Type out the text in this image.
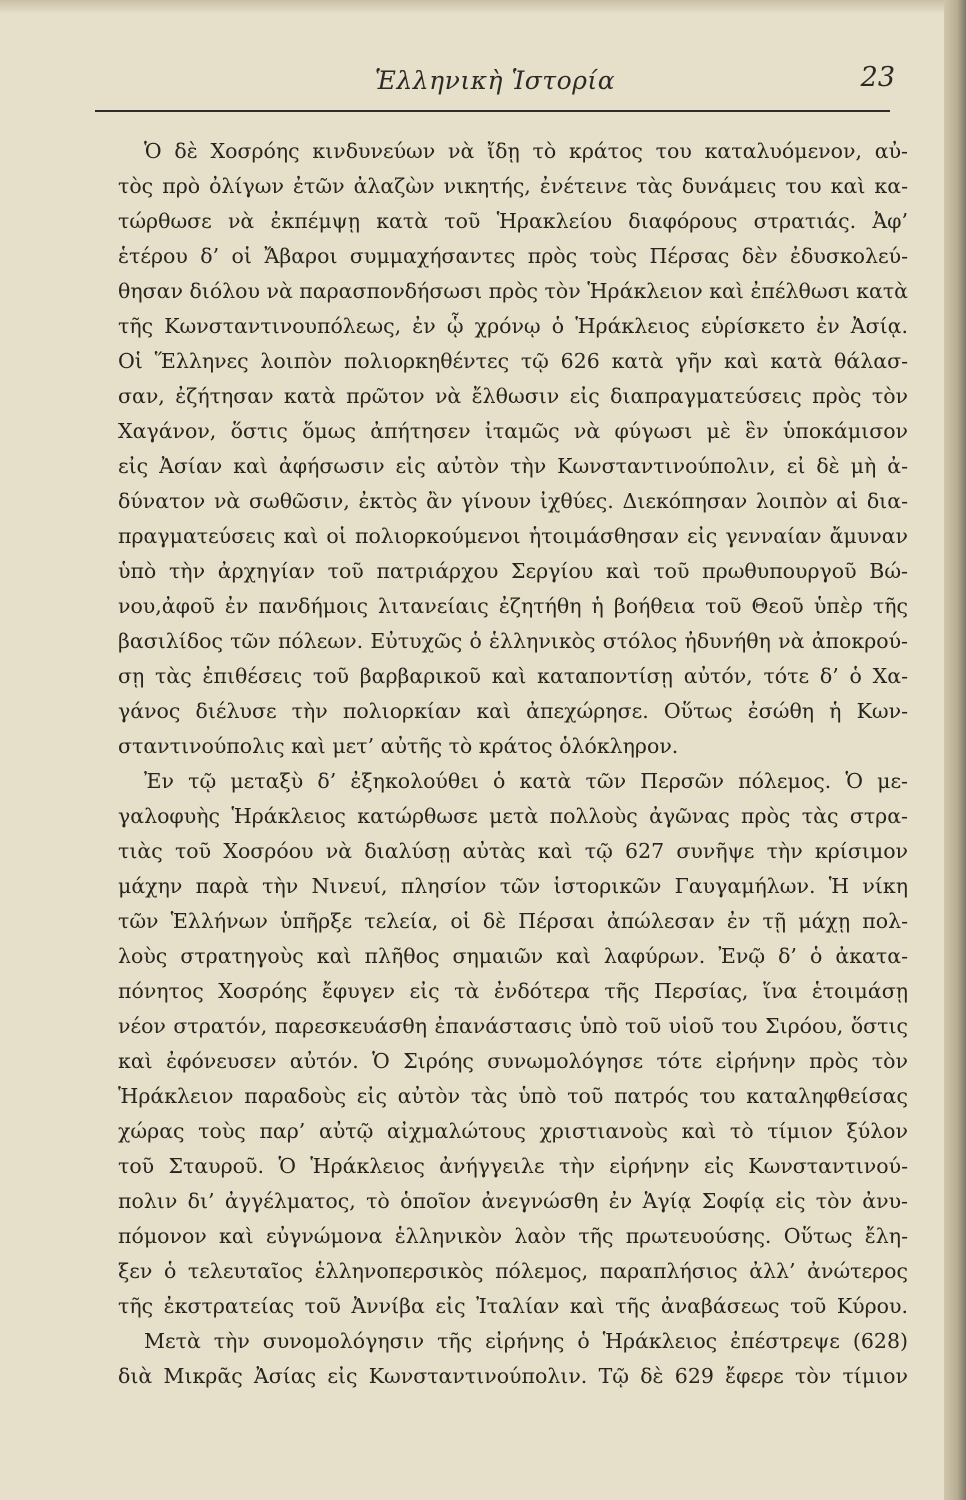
Ἑλληνικὴ Ἱστορία	23
Ὁ δὲ Χοσρόης κινδυνεύων νὰ ἴδῃ τὸ κράτος του καταλυόμενον, αὐ-
τὸς πρὸ ὀλίγων ἐτῶν ἀλαζὼν νικητής, ἐνέτεινε τὰς δυνάμεις του καὶ κα-
τώρθωσε νὰ ἐκπέμψῃ κατὰ τοῦ Ἡρακλείου διαφόρους στρατιάς. Ἀφ’
ἑτέρου δ’ οἱ Ἄβαροι συμμαχήσαντες πρὸς τοὺς Πέρσας δὲν ἐδυσκολεύ-
θησαν διόλου νὰ παρασπονδήσωσι πρὸς τὸν Ἡράκλειον καὶ ἐπέλθωσι κατὰ
τῆς Κωνσταντινουπόλεως, ἐν ᾧ χρόνῳ ὁ Ἡράκλειος εὑρίσκετο ἐν Ἀσίᾳ.
Οἱ Ἕλληνες λοιπὸν πολιορκηθέντες τῷ 626 κατὰ γῆν καὶ κατὰ θάλασ-
σαν, ἐζήτησαν κατὰ πρῶτον νὰ ἔλθωσιν εἰς διαπραγματεύσεις πρὸς τὸν
Χαγάνον, ὅστις ὅμως ἀπήτησεν ἰταμῶς νὰ φύγωσι μὲ ἓν ὑποκάμισον
εἰς Ἀσίαν καὶ ἀφήσωσιν εἰς αὐτὸν τὴν Κωνσταντινούπολιν, εἰ δὲ μὴ ἀ-
δύνατον νὰ σωθῶσιν, ἐκτὸς ἂν γίνουν ἰχθύες. Διεκόπησαν λοιπὸν αἱ δια-
πραγματεύσεις καὶ οἱ πολιορκούμενοι ἡτοιμάσθησαν εἰς γενναίαν ἄμυναν
ὑπὸ τὴν ἀρχηγίαν τοῦ πατριάρχου Σεργίου καὶ τοῦ πρωθυπουργοῦ Βώ-
νου,ἀφοῦ ἐν πανδήμοις λιτανείαις ἐζητήθη ἡ βοήθεια τοῦ Θεοῦ ὑπὲρ τῆς
βασιλίδος τῶν πόλεων. Εὐτυχῶς ὁ ἑλληνικὸς στόλος ἠδυνήθη νὰ ἀποκρού-
σῃ τὰς ἐπιθέσεις τοῦ βαρβαρικοῦ καὶ καταποντίσῃ αὐτόν, τότε δ’ ὁ Χα-
γάνος διέλυσε τὴν πολιορκίαν καὶ ἀπεχώρησε. Οὕτως ἐσώθη ἡ Κων-
σταντινούπολις καὶ μετ’ αὐτῆς τὸ κράτος ὁλόκληρον.
Ἐν τῷ μεταξὺ δ’ ἐξηκολούθει ὁ κατὰ τῶν Περσῶν πόλεμος. Ὁ με-
γαλοφυὴς Ἡράκλειος κατώρθωσε μετὰ πολλοὺς ἀγῶνας πρὸς τὰς στρα-
τιὰς τοῦ Χοσρόου νὰ διαλύσῃ αὐτὰς καὶ τῷ 627 συνῆψε τὴν κρίσιμον
μάχην παρὰ τὴν Νινευί, πλησίον τῶν ἱστορικῶν Γαυγαμήλων. Ἡ νίκη
τῶν Ἑλλήνων ὑπῆρξε τελεία, οἱ δὲ Πέρσαι ἀπώλεσαν ἐν τῇ μάχῃ πολ-
λοὺς στρατηγοὺς καὶ πλῆθος σημαιῶν καὶ λαφύρων. Ἐνῷ δ’ ὁ ἀκατα-
πόνητος Χοσρόης ἔφυγεν εἰς τὰ ἐνδότερα τῆς Περσίας, ἵνα ἑτοιμάσῃ
νέον στρατόν, παρεσκευάσθη ἐπανάστασις ὑπὸ τοῦ υἱοῦ του Σιρόου, ὅστις
καὶ ἐφόνευσεν αὐτόν. Ὁ Σιρόης συνωμολόγησε τότε εἰρήνην πρὸς τὸν
Ἡράκλειον παραδοὺς εἰς αὐτὸν τὰς ὑπὸ τοῦ πατρός του καταληφθείσας
χώρας τοὺς παρ’ αὐτῷ αἰχμαλώτους χριστιανοὺς καὶ τὸ τίμιον ξύλον
τοῦ Σταυροῦ. Ὁ Ἡράκλειος ἀνήγγειλε τὴν εἰρήνην εἰς Κωνσταντινού-
πολιν δι’ ἀγγέλματος, τὸ ὁποῖον ἀνεγνώσθη ἐν Ἁγίᾳ Σοφίᾳ εἰς τὸν ἀνυ-
πόμονον καὶ εὐγνώμονα ἑλληνικὸν λαὸν τῆς πρωτευούσης. Οὕτως ἔλη-
ξεν ὁ τελευταῖος ἑλληνοπερσικὸς πόλεμος, παραπλήσιος ἀλλ’ ἀνώτερος
τῆς ἐκστρατείας τοῦ Ἀννίβα εἰς Ἰταλίαν καὶ τῆς ἀναβάσεως τοῦ Κύρου.
Μετὰ τὴν συνομολόγησιν τῆς εἰρήνης ὁ Ἡράκλειος ἐπέστρεψε (628)
διὰ Μικρᾶς Ἀσίας εἰς Κωνσταντινούπολιν. Τῷ δὲ 629 ἔφερε τὸν τίμιον
